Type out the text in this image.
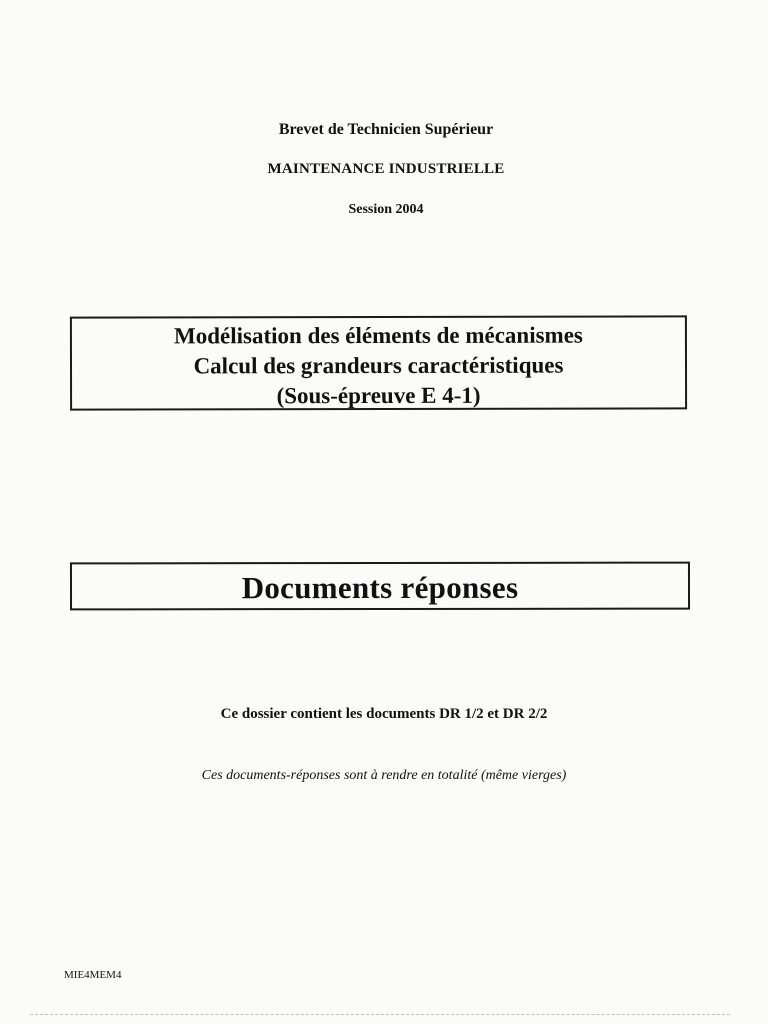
Brevet de Technicien Supérieur
MAINTENANCE INDUSTRIELLE
Session 2004
Modélisation des éléments de mécanismes
Calcul des grandeurs caractéristiques
(Sous-épreuve E 4-1)
Documents réponses
Ce dossier contient les documents DR 1/2 et DR 2/2
Ces documents-réponses sont à rendre en totalité (même vierges)
MIE4MEM4
